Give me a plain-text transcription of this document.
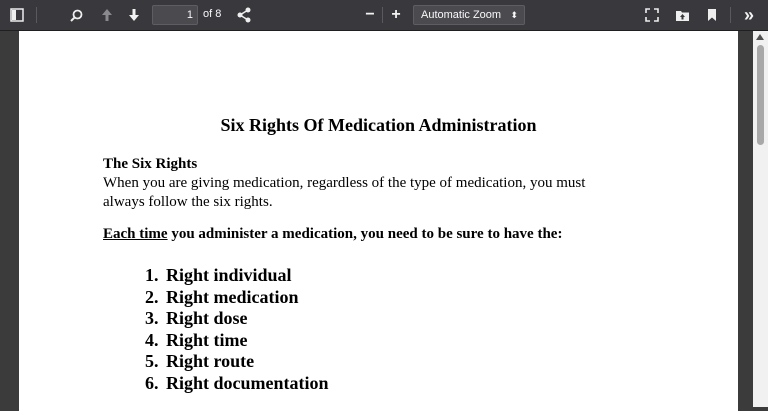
1 of 8	− +	Automatic Zoom ⬍	»
Six Rights Of Medication Administration
The Six Rights
When you are giving medication, regardless of the type of medication, you must
always follow the six rights.
Each time you administer a medication, you need to be sure to have the:
1. Right individual
2. Right medication
3. Right dose
4. Right time
5. Right route
6. Right documentation
